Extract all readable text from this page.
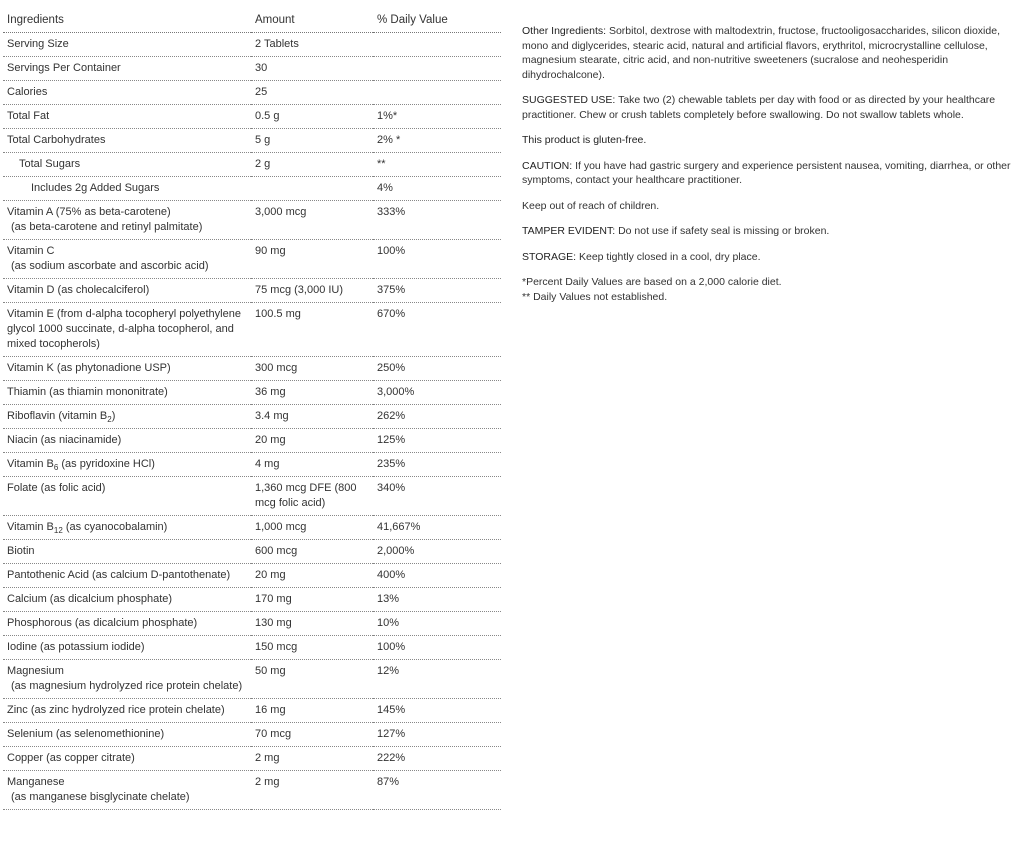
Ingredients	Amount	% Daily Value
Serving Size	2 Tablets	
Servings Per Container	30	
Calories	25	
Total Fat	0.5 g	1%*
Total Carbohydrates	5 g	2% *
Total Sugars	2 g	**
Includes 2g Added Sugars		4%
Vitamin A (75% as beta-carotene)
(as beta-carotene and retinyl palmitate)	3,000 mcg	333%
Vitamin C
(as sodium ascorbate and ascorbic acid)	90 mg	100%
Vitamin D (as cholecalciferol)	75 mcg (3,000 IU)	375%
Vitamin E (from d-alpha tocopheryl polyethylene glycol 1000 succinate, d-alpha tocopherol, and mixed tocopherols)	100.5 mg	670%
Vitamin K (as phytonadione USP)	300 mcg	250%
Thiamin (as thiamin mononitrate)	36 mg	3,000%
Riboflavin (vitamin $B_2$)	3.4 mg	262%
Niacin (as niacinamide)	20 mg	125%
Vitamin $B_6$ (as pyridoxine HCl)	4 mg	235%
Folate (as folic acid)	1,360 mcg DFE (800 mcg folic acid)	340%
Vitamin $B_{12}$ (as cyanocobalamin)	1,000 mcg	41,667%
Biotin	600 mcg	2,000%
Pantothenic Acid (as calcium D-pantothenate)	20 mg	400%
Calcium (as dicalcium phosphate)	170 mg	13%
Phosphorous (as dicalcium phosphate)	130 mg	10%
Iodine (as potassium iodide)	150 mcg	100%
Magnesium
(as magnesium hydrolyzed rice protein chelate)	50 mg	12%
Zinc (as zinc hydrolyzed rice protein chelate)	16 mg	145%
Selenium (as selenomethionine)	70 mcg	127%
Copper (as copper citrate)	2 mg	222%
Manganese
(as manganese bisglycinate chelate)	2 mg	87%

Other Ingredients: Sorbitol, dextrose with maltodextrin, fructose, fructooligosaccharides, silicon dioxide, mono and diglycerides, stearic acid, natural and artificial flavors, erythritol, microcrystalline cellulose, magnesium stearate, citric acid, and non-nutritive sweeteners (sucralose and neohesperidin dihydrochalcone).

SUGGESTED USE: Take two (2) chewable tablets per day with food or as directed by your healthcare practitioner. Chew or crush tablets completely before swallowing. Do not swallow tablets whole.

This product is gluten-free.

CAUTION: If you have had gastric surgery and experience persistent nausea, vomiting, diarrhea, or other symptoms, contact your healthcare practitioner.

Keep out of reach of children.

TAMPER EVIDENT: Do not use if safety seal is missing or broken.

STORAGE: Keep tightly closed in a cool, dry place.

*Percent Daily Values are based on a 2,000 calorie diet.
** Daily Values not established.
